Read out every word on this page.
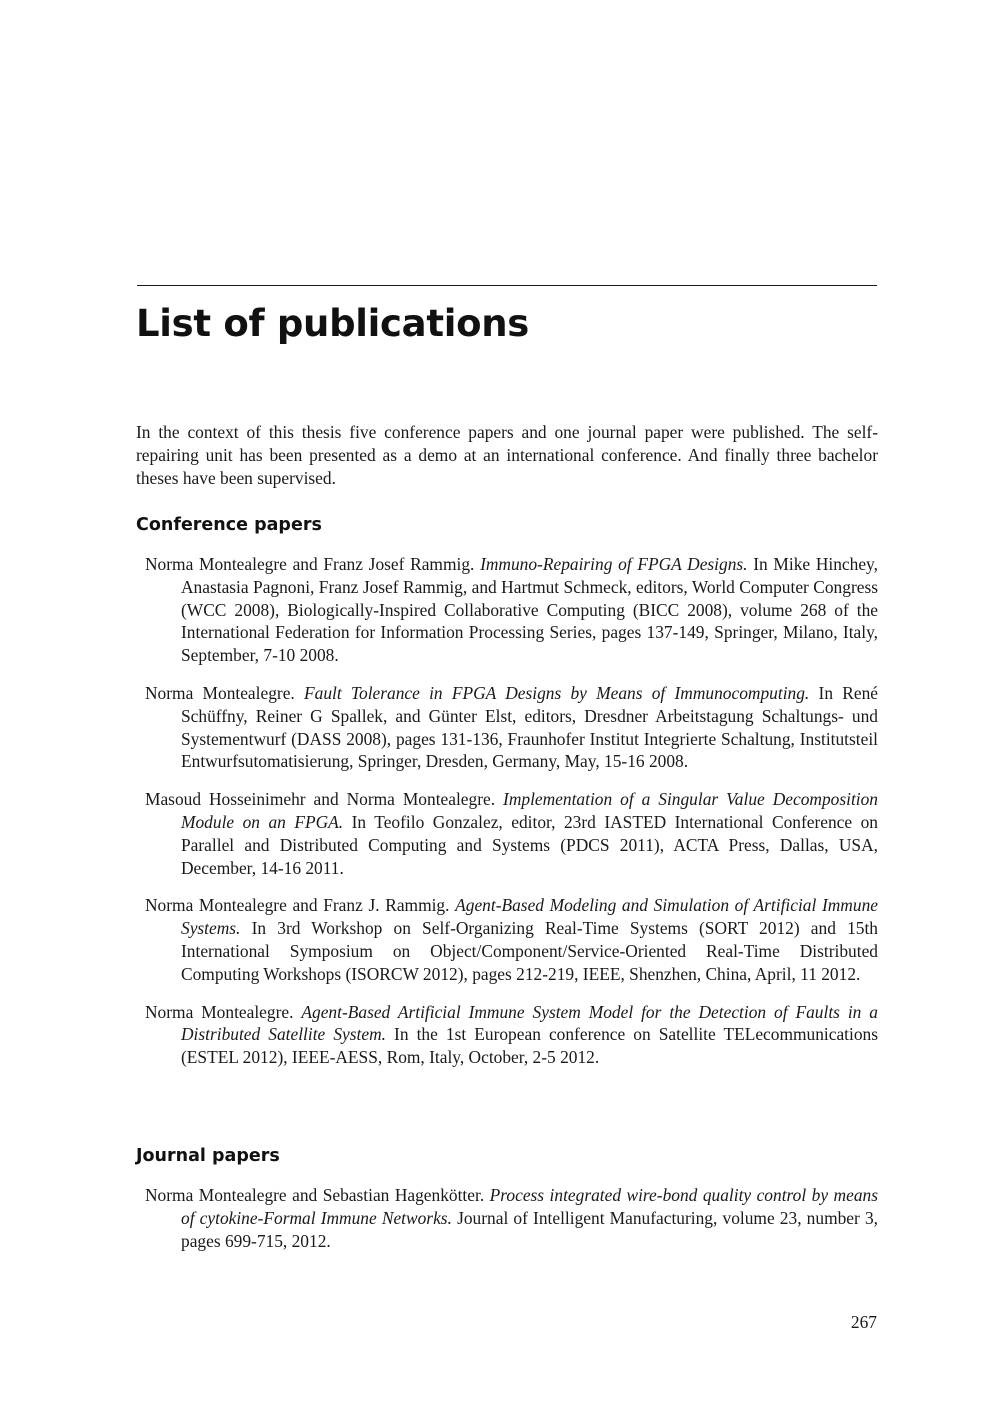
List of publications

In the context of this thesis five conference papers and one journal paper were published. The self-repairing unit has been presented as a demo at an international conference. And finally three bachelor theses have been supervised.

Conference papers

Norma Montealegre and Franz Josef Rammig. Immuno-Repairing of FPGA Designs. In Mike Hinchey, Anastasia Pagnoni, Franz Josef Rammig, and Hartmut Schmeck, editors, World Computer Congress (WCC 2008), Biologically-Inspired Collaborative Computing (BICC 2008), volume 268 of the International Federation for Information Processing Series, pages 137-149, Springer, Milano, Italy, September, 7-10 2008.

Norma Montealegre. Fault Tolerance in FPGA Designs by Means of Immunocomputing. In René Schüffny, Reiner G Spallek, and Günter Elst, editors, Dresdner Arbeitstagung Schaltungs- und Systementwurf (DASS 2008), pages 131-136, Fraunhofer Institut Integrierte Schaltung, Institutsteil Entwurfsutomatisierung, Springer, Dresden, Germany, May, 15-16 2008.

Masoud Hosseinimehr and Norma Montealegre. Implementation of a Singular Value Decomposition Module on an FPGA. In Teofilo Gonzalez, editor, 23rd IASTED International Conference on Parallel and Distributed Computing and Systems (PDCS 2011), ACTA Press, Dallas, USA, December, 14-16 2011.

Norma Montealegre and Franz J. Rammig. Agent-Based Modeling and Simulation of Artificial Immune Systems. In 3rd Workshop on Self-Organizing Real-Time Systems (SORT 2012) and 15th International Symposium on Object/Component/Service-Oriented Real-Time Distributed Computing Workshops (ISORCW 2012), pages 212-219, IEEE, Shenzhen, China, April, 11 2012.

Norma Montealegre. Agent-Based Artificial Immune System Model for the Detection of Faults in a Distributed Satellite System. In the 1st European conference on Satellite TELecommunications (ESTEL 2012), IEEE-AESS, Rom, Italy, October, 2-5 2012.

Journal papers

Norma Montealegre and Sebastian Hagenkötter. Process integrated wire-bond quality control by means of cytokine-Formal Immune Networks. Journal of Intelligent Manufacturing, volume 23, number 3, pages 699-715, 2012.

267
